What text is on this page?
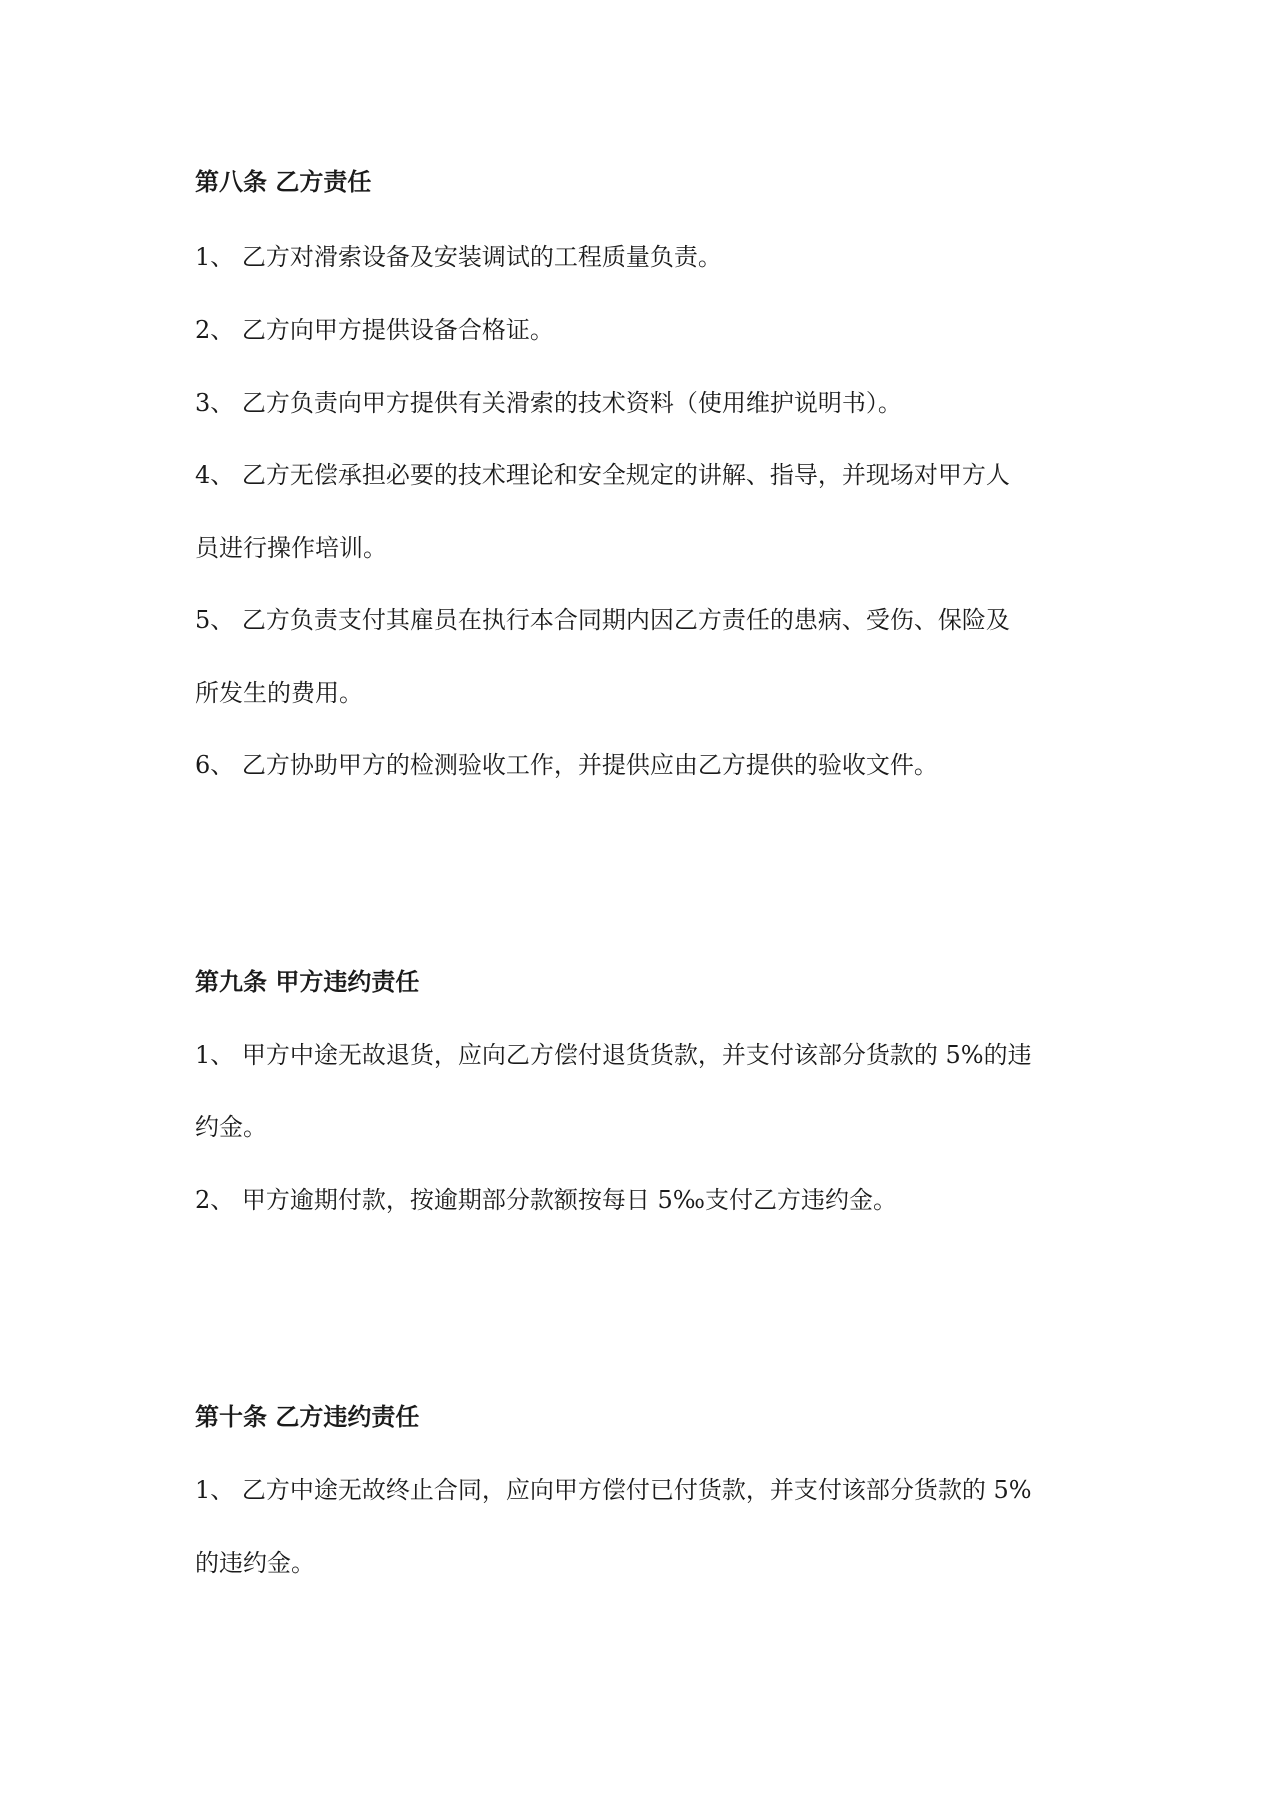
第八条 乙方责任
1、 乙方对滑索设备及安装调试的工程质量负责。
2、 乙方向甲方提供设备合格证。
3、 乙方负责向甲方提供有关滑索的技术资料（使用维护说明书）。
4、 乙方无偿承担必要的技术理论和安全规定的讲解、指导，并现场对甲方人
员进行操作培训。
5、 乙方负责支付其雇员在执行本合同期内因乙方责任的患病、受伤、保险及
所发生的费用。
6、 乙方协助甲方的检测验收工作，并提供应由乙方提供的验收文件。
第九条 甲方违约责任
1、 甲方中途无故退货，应向乙方偿付退货货款，并支付该部分货款的 5%的违
约金。
2、 甲方逾期付款，按逾期部分款额按每日 5‰支付乙方违约金。
第十条 乙方违约责任
1、 乙方中途无故终止合同，应向甲方偿付已付货款，并支付该部分货款的 5%
的违约金。
